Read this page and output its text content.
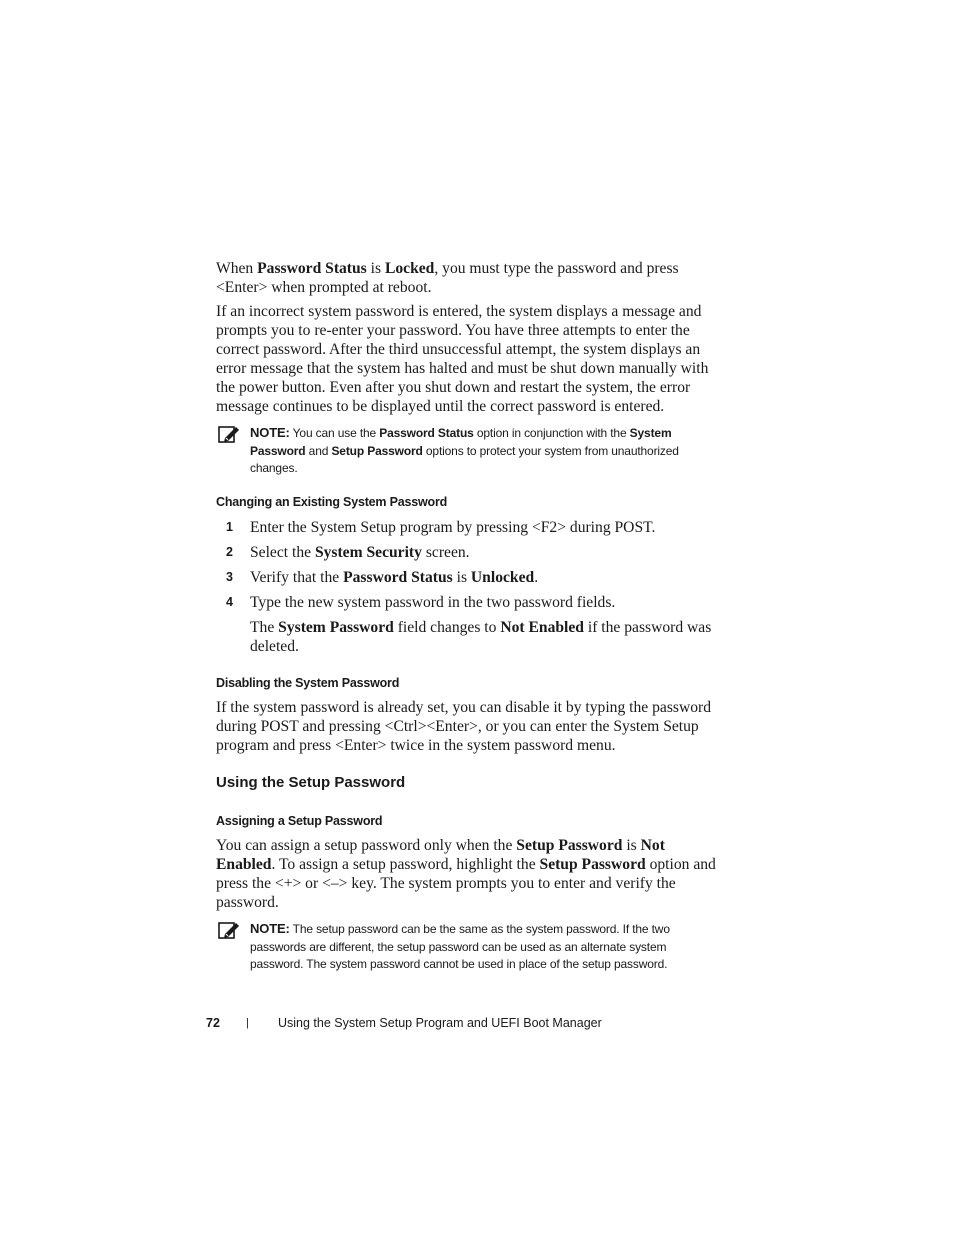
When Password Status is Locked, you must type the password and press <Enter> when prompted at reboot.

If an incorrect system password is entered, the system displays a message and prompts you to re-enter your password. You have three attempts to enter the correct password. After the third unsuccessful attempt, the system displays an error message that the system has halted and must be shut down manually with the power button. Even after you shut down and restart the system, the error message continues to be displayed until the correct password is entered.

NOTE: You can use the Password Status option in conjunction with the System Password and Setup Password options to protect your system from unauthorized changes.
Changing an Existing System Password
1 Enter the System Setup program by pressing <F2> during POST.
2 Select the System Security screen.
3 Verify that the Password Status is Unlocked.
4 Type the new system password in the two password fields.

The System Password field changes to Not Enabled if the password was deleted.

Disabling the System Password

If the system password is already set, you can disable it by typing the password during POST and pressing <Ctrl><Enter>, or you can enter the System Setup program and press <Enter> twice in the system password menu.

Using the Setup Password
Assigning a Setup Password

You can assign a setup password only when the Setup Password is Not Enabled. To assign a setup password, highlight the Setup Password option and press the <+> or <–> key. The system prompts you to enter and verify the password.

NOTE: The setup password can be the same as the system password. If the two passwords are different, the setup password can be used as an alternate system password. The system password cannot be used in place of the setup password.
72 | Using the System Setup Program and UEFI Boot Manager
